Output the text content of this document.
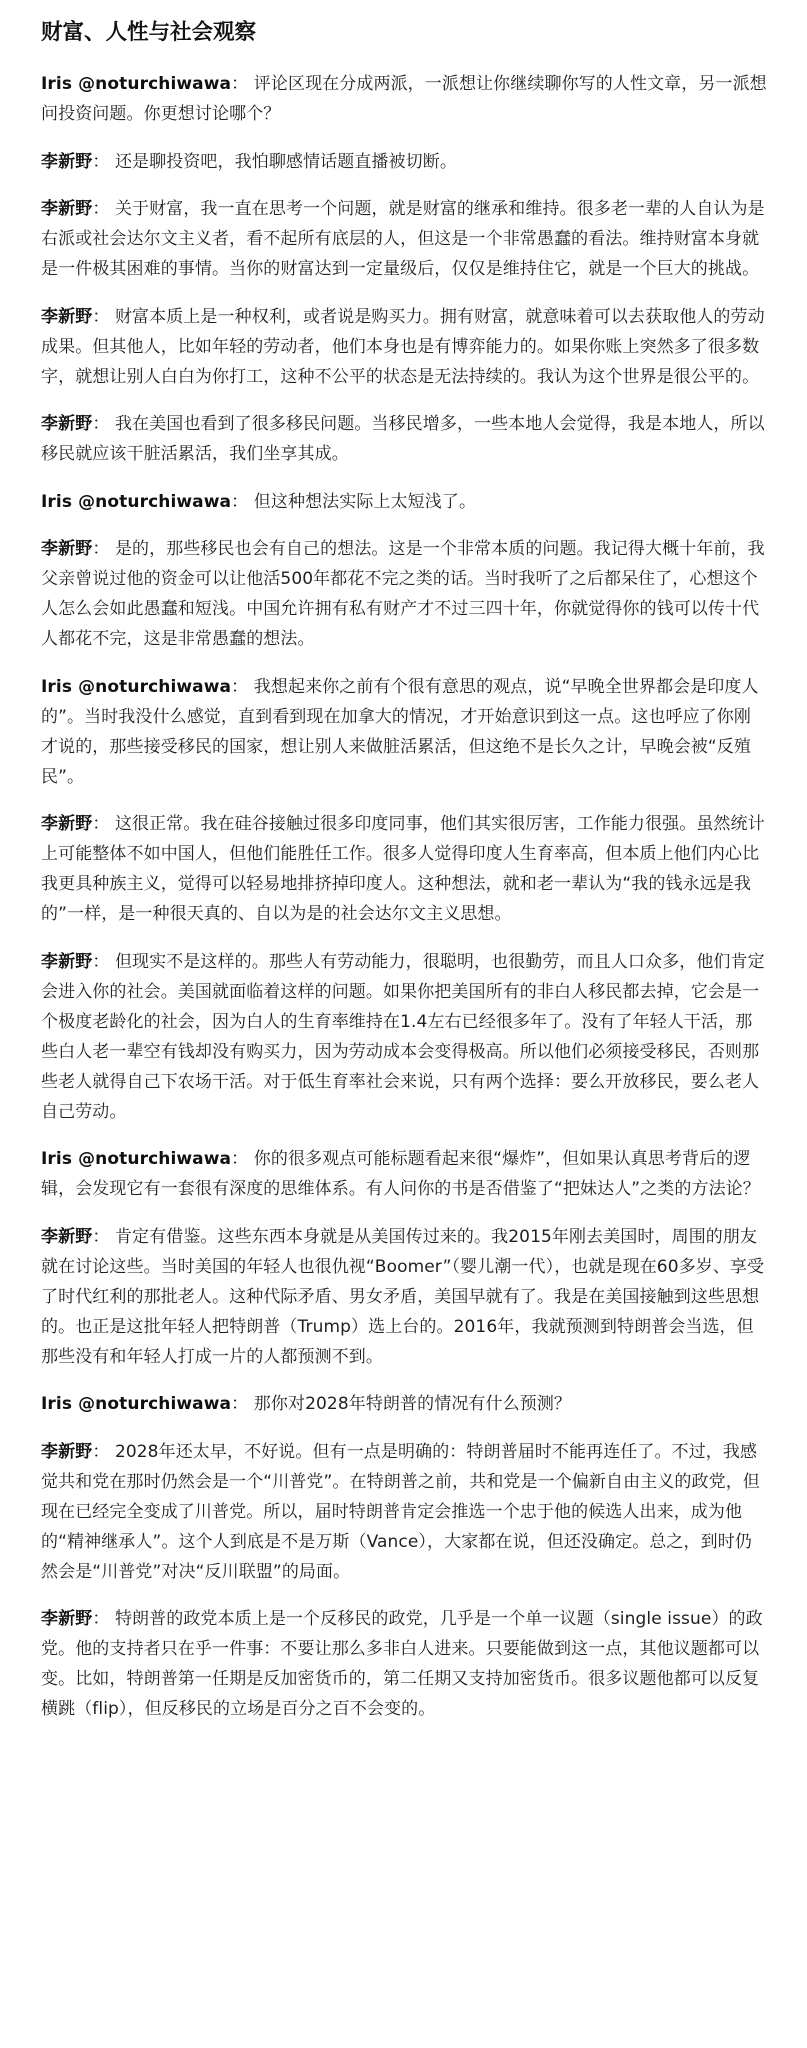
财富、人性与社会观察

Iris @noturchiwawa： 评论区现在分成两派，一派想让你继续聊你写的人性文章，另一派想问投资问题。你更想讨论哪个？

李新野： 还是聊投资吧，我怕聊感情话题直播被切断。

李新野： 关于财富，我一直在思考一个问题，就是财富的继承和维持。很多老一辈的人自认为是右派或社会达尔文主义者，看不起所有底层的人，但这是一个非常愚蠢的看法。维持财富本身就是一件极其困难的事情。当你的财富达到一定量级后，仅仅是维持住它，就是一个巨大的挑战。

李新野： 财富本质上是一种权利，或者说是购买力。拥有财富，就意味着可以去获取他人的劳动成果。但其他人，比如年轻的劳动者，他们本身也是有博弈能力的。如果你账上突然多了很多数字，就想让别人白白为你打工，这种不公平的状态是无法持续的。我认为这个世界是很公平的。

李新野： 我在美国也看到了很多移民问题。当移民增多，一些本地人会觉得，我是本地人，所以移民就应该干脏活累活，我们坐享其成。

Iris @noturchiwawa： 但这种想法实际上太短浅了。

李新野： 是的，那些移民也会有自己的想法。这是一个非常本质的问题。我记得大概十年前，我父亲曾说过他的资金可以让他活500年都花不完之类的话。当时我听了之后都呆住了，心想这个人怎么会如此愚蠢和短浅。中国允许拥有私有财产才不过三四十年，你就觉得你的钱可以传十代人都花不完，这是非常愚蠢的想法。

Iris @noturchiwawa： 我想起来你之前有个很有意思的观点，说“早晚全世界都会是印度人的”。当时我没什么感觉，直到看到现在加拿大的情况，才开始意识到这一点。这也呼应了你刚才说的，那些接受移民的国家，想让别人来做脏活累活，但这绝不是长久之计，早晚会被“反殖民”。

李新野： 这很正常。我在硅谷接触过很多印度同事，他们其实很厉害，工作能力很强。虽然统计上可能整体不如中国人，但他们能胜任工作。很多人觉得印度人生育率高，但本质上他们内心比我更具种族主义，觉得可以轻易地排挤掉印度人。这种想法，就和老一辈认为“我的钱永远是我的”一样，是一种很天真的、自以为是的社会达尔文主义思想。

李新野： 但现实不是这样的。那些人有劳动能力，很聪明，也很勤劳，而且人口众多，他们肯定会进入你的社会。美国就面临着这样的问题。如果你把美国所有的非白人移民都去掉，它会是一个极度老龄化的社会，因为白人的生育率维持在1.4左右已经很多年了。没有了年轻人干活，那些白人老一辈空有钱却没有购买力，因为劳动成本会变得极高。所以他们必须接受移民，否则那些老人就得自己下农场干活。对于低生育率社会来说，只有两个选择：要么开放移民，要么老人自己劳动。

Iris @noturchiwawa： 你的很多观点可能标题看起来很“爆炸”，但如果认真思考背后的逻辑，会发现它有一套很有深度的思维体系。有人问你的书是否借鉴了“把妹达人”之类的方法论？

李新野： 肯定有借鉴。这些东西本身就是从美国传过来的。我2015年刚去美国时，周围的朋友就在讨论这些。当时美国的年轻人也很仇视“Boomer”（婴儿潮一代），也就是现在60多岁、享受了时代红利的那批老人。这种代际矛盾、男女矛盾，美国早就有了。我是在美国接触到这些思想的。也正是这批年轻人把特朗普（Trump）选上台的。2016年，我就预测到特朗普会当选，但那些没有和年轻人打成一片的人都预测不到。

Iris @noturchiwawa： 那你对2028年特朗普的情况有什么预测？

李新野： 2028年还太早，不好说。但有一点是明确的：特朗普届时不能再连任了。不过，我感觉共和党在那时仍然会是一个“川普党”。在特朗普之前，共和党是一个偏新自由主义的政党，但现在已经完全变成了川普党。所以，届时特朗普肯定会推选一个忠于他的候选人出来，成为他的“精神继承人”。这个人到底是不是万斯（Vance），大家都在说，但还没确定。总之，到时仍然会是“川普党”对决“反川联盟”的局面。

李新野： 特朗普的政党本质上是一个反移民的政党，几乎是一个单一议题（single issue）的政党。他的支持者只在乎一件事：不要让那么多非白人进来。只要能做到这一点，其他议题都可以变。比如，特朗普第一任期是反加密货币的，第二任期又支持加密货币。很多议题他都可以反复横跳（flip），但反移民的立场是百分之百不会变的。
